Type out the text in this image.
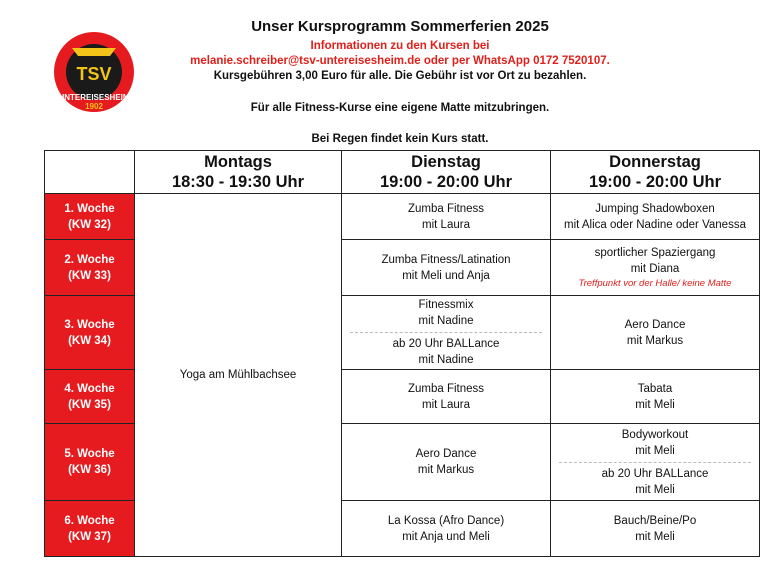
TSV
UNTEREISESHEIM
1902
Unser Kursprogramm Sommerferien 2025
Informationen zu den Kursen bei
melanie.schreiber@tsv-untereisesheim.de oder per WhatsApp 0172 7520107.
Kursgebühren 3,00 Euro für alle. Die Gebühr ist vor Ort zu bezahlen.
Für alle Fitness-Kurse eine eigene Matte mitzubringen.
Bei Regen findet kein Kurs statt.

	Montags
18:30 - 19:30 Uhr	Dienstag
19:00 - 20:00 Uhr	Donnerstag
19:00 - 20:00 Uhr

1. Woche
(KW 32)	Yoga am Mühlbachsee	Zumba Fitness
mit Laura	Jumping Shadowboxen
mit Alica oder Nadine oder Vanessa

2. Woche
(KW 33)		Zumba Fitness/Latination
mit Meli und Anja	sportlicher Spaziergang
mit Diana
Treffpunkt vor der Halle/ keine Matte

3. Woche
(KW 34)		Fitnessmix
mit Nadine
ab 20 Uhr BALLance
mit Nadine	Aero Dance
mit Markus

4. Woche
(KW 35)		Zumba Fitness
mit Laura	Tabata
mit Meli

5. Woche
(KW 36)		Aero Dance
mit Markus	Bodyworkout
mit Meli
ab 20 Uhr BALLance
mit Meli

6. Woche
(KW 37)		La Kossa (Afro Dance)
mit Anja und Meli	Bauch/Beine/Po
mit Meli
